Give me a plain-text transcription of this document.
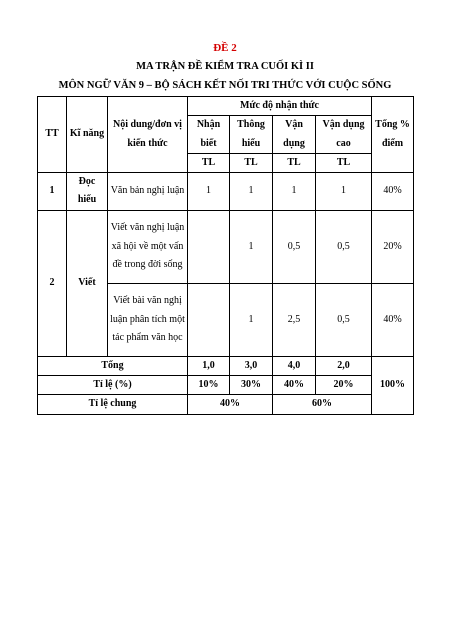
ĐỀ 2
MA TRẬN ĐỀ KIỂM TRA CUỐI KÌ II
MÔN NGỮ VĂN 9 – BỘ SÁCH KẾT NỐI TRI THỨC VỚI CUỘC SỐNG
TT	Kĩ năng	Nội dung/đơn vị kiến thức	Mức độ nhận thức				Tổng % điểm
			Nhận biết	Thông hiểu	Vận dụng	Vận dụng cao	
			TL	TL	TL	TL	
1	Đọc hiểu	Văn bản nghị luận	1	1	1	1	40%
2	Viết	Viết văn nghị luận xã hội về một vấn đề trong đời sống		1	0,5	0,5	20%
		Viết bài văn nghị luận phân tích một tác phẩm văn học		1	2,5	0,5	40%
Tổng			1,0	3,0	4,0	2,0	100%
Tỉ lệ (%)			10%	30%	40%	20%	
Tỉ lệ chung			40%		60%		
